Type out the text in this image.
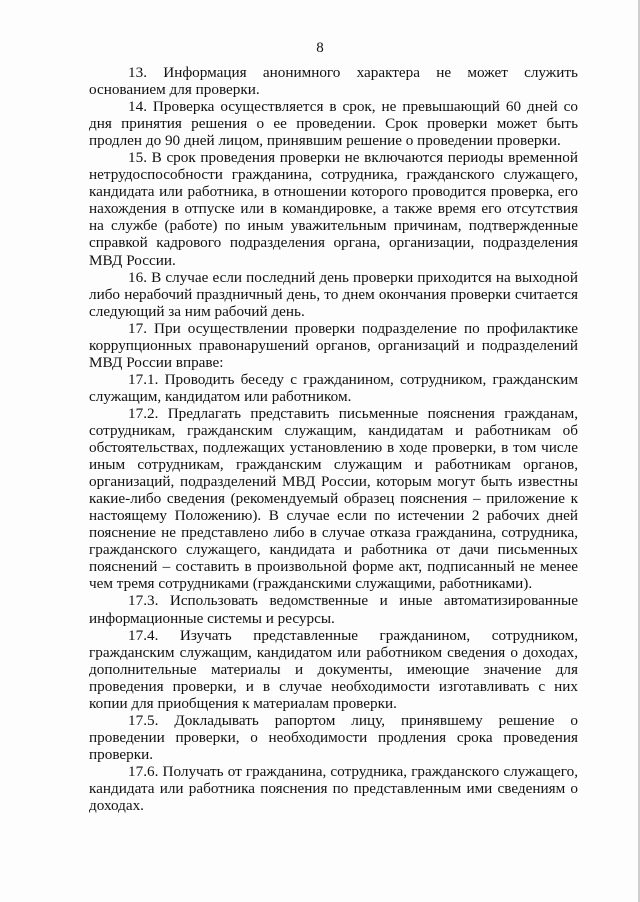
8

13. Информация анонимного характера не может служить основанием для проверки.

14. Проверка осуществляется в срок, не превышающий 60 дней со дня принятия решения о ее проведении. Срок проверки может быть продлен до 90 дней лицом, принявшим решение о проведении проверки.

15. В срок проведения проверки не включаются периоды временной нетрудоспособности гражданина, сотрудника, гражданского служащего, кандидата или работника, в отношении которого проводится проверка, его нахождения в отпуске или в командировке, а также время его отсутствия на службе (работе) по иным уважительным причинам, подтвержденные справкой кадрового подразделения органа, организации, подразделения МВД России.

16. В случае если последний день проверки приходится на выходной либо нерабочий праздничный день, то днем окончания проверки считается следующий за ним рабочий день.

17. При осуществлении проверки подразделение по профилактике коррупционных правонарушений органов, организаций и подразделений МВД России вправе:

17.1. Проводить беседу с гражданином, сотрудником, гражданским служащим, кандидатом или работником.

17.2. Предлагать представить письменные пояснения гражданам, сотрудникам, гражданским служащим, кандидатам и работникам об обстоятельствах, подлежащих установлению в ходе проверки, в том числе иным сотрудникам, гражданским служащим и работникам органов, организаций, подразделений МВД России, которым могут быть известны какие-либо сведения (рекомендуемый образец пояснения – приложение к настоящему Положению). В случае если по истечении 2 рабочих дней пояснение не представлено либо в случае отказа гражданина, сотрудника, гражданского служащего, кандидата и работника от дачи письменных пояснений – составить в произвольной форме акт, подписанный не менее чем тремя сотрудниками (гражданскими служащими, работниками).

17.3. Использовать ведомственные и иные автоматизированные информационные системы и ресурсы.

17.4. Изучать представленные гражданином, сотрудником, гражданским служащим, кандидатом или работником сведения о доходах, дополнительные материалы и документы, имеющие значение для проведения проверки, и в случае необходимости изготавливать с них копии для приобщения к материалам проверки.

17.5. Докладывать рапортом лицу, принявшему решение о проведении проверки, о необходимости продления срока проведения проверки.

17.6. Получать от гражданина, сотрудника, гражданского служащего, кандидата или работника пояснения по представленным ими сведениям о доходах.
